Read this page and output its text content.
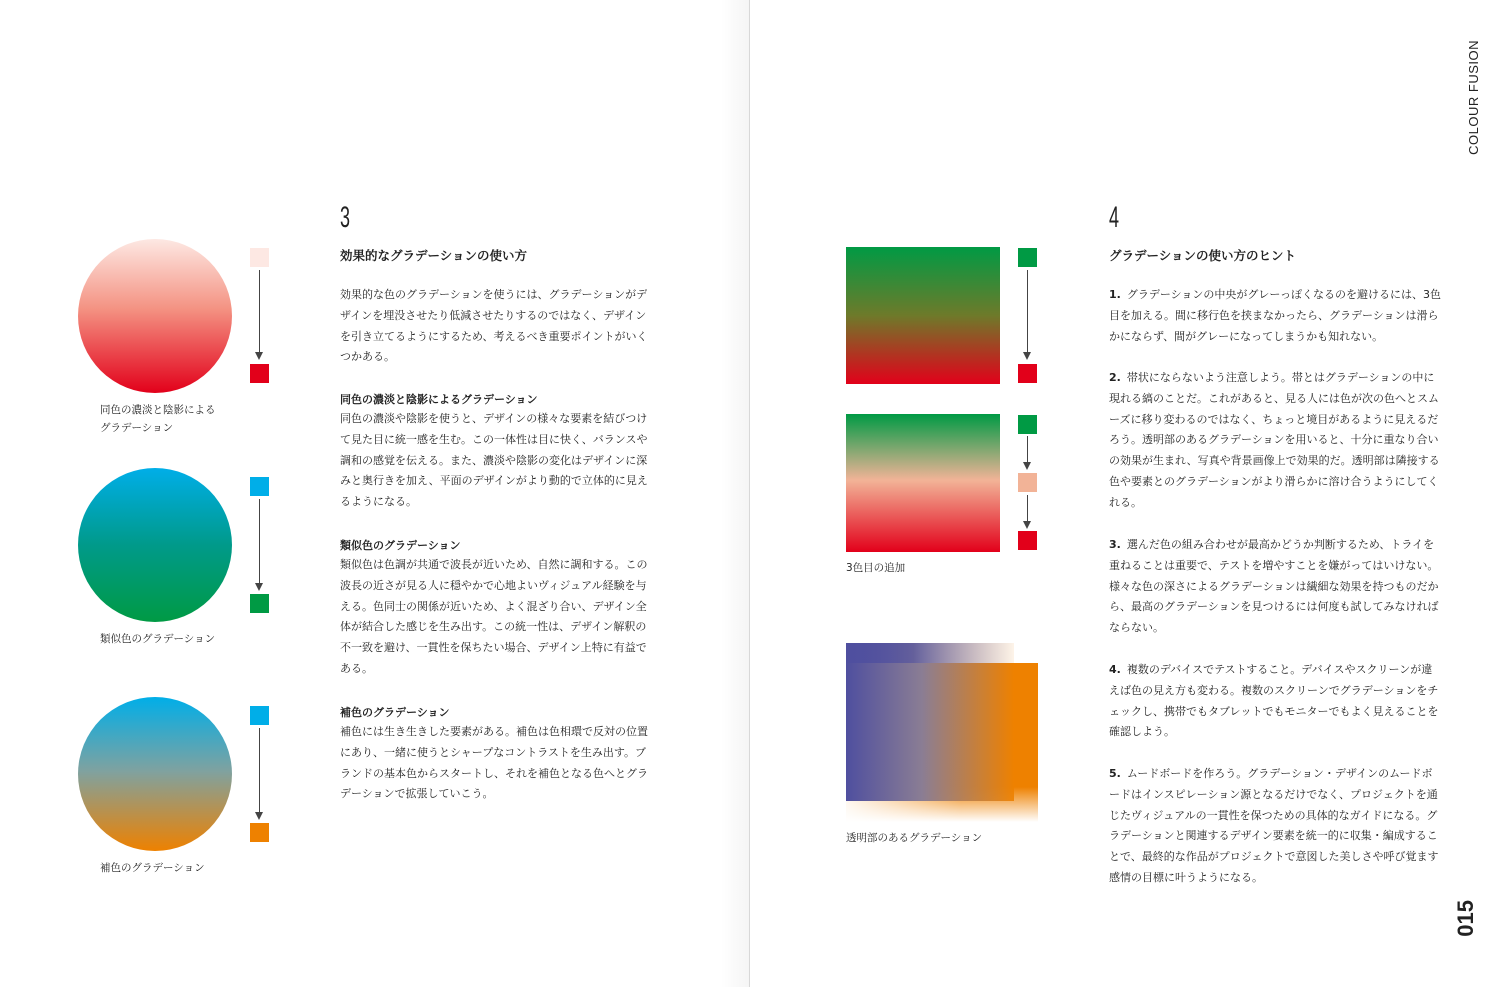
COLOUR FUSION
015
同色の濃淡と陰影による
グラデーション
類似色のグラデーション
補色のグラデーション
3
効果的なグラデーションの使い方
効果的な色のグラデーションを使うには、グラデーションがデ
ザインを埋没させたり低減させたりするのではなく、デザイン
を引き立てるようにするため、考えるべき重要ポイントがいく
つかある。
同色の濃淡と陰影によるグラデーション
同色の濃淡や陰影を使うと、デザインの様々な要素を結びつけ
て見た目に統一感を生む。この一体性は目に快く、バランスや
調和の感覚を伝える。また、濃淡や陰影の変化はデザインに深
みと奥行きを加え、平面のデザインがより動的で立体的に見え
るようになる。
類似色のグラデーション
類似色は色調が共通で波長が近いため、自然に調和する。この
波長の近さが見る人に穏やかで心地よいヴィジュアル経験を与
える。色同士の関係が近いため、よく混ざり合い、デザイン全
体が結合した感じを生み出す。この統一性は、デザイン解釈の
不一致を避け、一貫性を保ちたい場合、デザイン上特に有益で
ある。
補色のグラデーション
補色には生き生きした要素がある。補色は色相環で反対の位置
にあり、一緒に使うとシャープなコントラストを生み出す。ブ
ランドの基本色からスタートし、それを補色となる色へとグラ
デーションで拡張していこう。
3色目の追加
透明部のあるグラデーション
4
グラデーションの使い方のヒント
1. グラデーションの中央がグレーっぽくなるのを避けるには、3色目を加える。間に移行色を挟まなかったら、グラデーションは滑らかにならず、間がグレーになってしまうかも知れない。
2. 帯状にならないよう注意しよう。帯とはグラデーションの中に現れる縞のことだ。これがあると、見る人には色が次の色へとスムーズに移り変わるのではなく、ちょっと境目があるように見えるだろう。透明部のあるグラデーションを用いると、十分に重なり合いの効果が生まれ、写真や背景画像上で効果的だ。透明部は隣接する色や要素とのグラデーションがより滑らかに溶け合うようにしてくれる。
3. 選んだ色の組み合わせが最高かどうか判断するため、トライを重ねることは重要で、テストを増やすことを嫌がってはいけない。様々な色の深さによるグラデーションは繊細な効果を持つものだから、最高のグラデーションを見つけるには何度も試してみなければならない。
4. 複数のデバイスでテストすること。デバイスやスクリーンが違えば色の見え方も変わる。複数のスクリーンでグラデーションをチェックし、携帯でもタブレットでもモニターでもよく見えることを確認しよう。
5. ムードボードを作ろう。グラデーション・デザインのムードボードはインスピレーション源となるだけでなく、プロジェクトを通じたヴィジュアルの一貫性を保つための具体的なガイドになる。グラデーションと関連するデザイン要素を統一的に収集・編成することで、最終的な作品がプロジェクトで意図した美しさや呼び覚ます感情の目標に叶うようになる。
